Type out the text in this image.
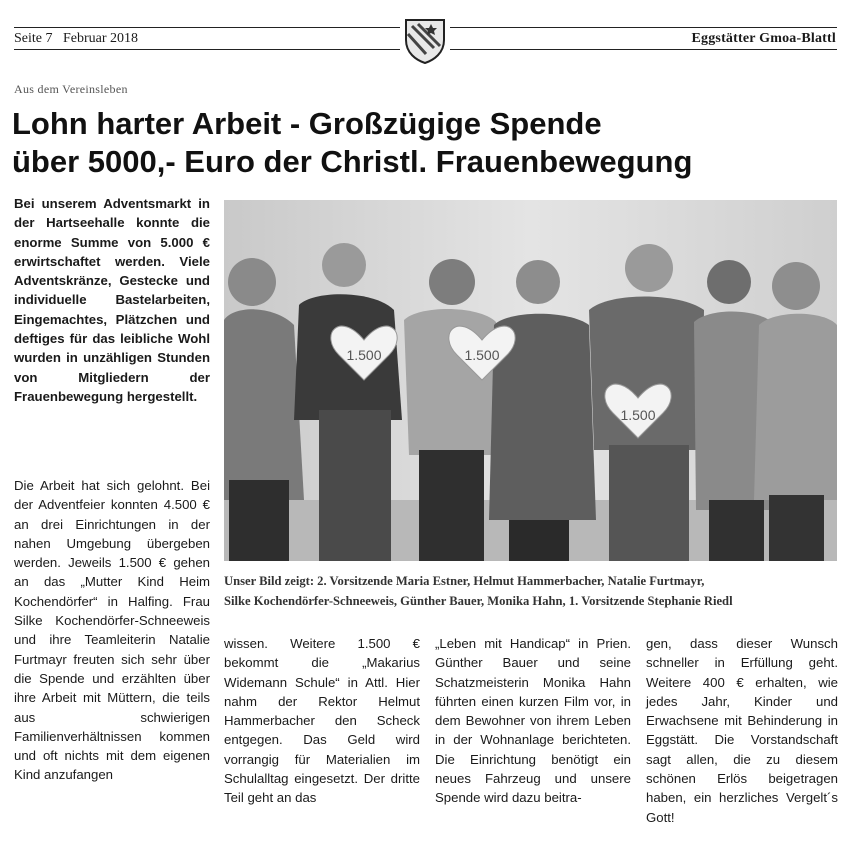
Seite 7 Februar 2018	Eggstätter Gmoa-Blattl
Aus dem Vereinsleben
Lohn harter Arbeit - Großzügige Spende
über 5000,- Euro der Christl. Frauenbewegung

Bei unserem Adventsmarkt in der Hartseehalle konnte die enorme Summe von 5.000 € erwirtschaftet werden. Viele Adventskränze, Gestecke und individuelle Bastelarbeiten, Eingemachtes, Plätzchen und deftiges für das leibliche Wohl wurden in unzähligen Stunden von Mitgliedern der Frauenbewegung hergestellt.

Die Arbeit hat sich gelohnt. Bei der Adventfeier konnten 4.500 € an drei Einrichtungen in der nahen Umgebung übergeben werden. Jeweils 1.500 € gehen an das „Mutter Kind Heim Kochendörfer“ in Halfing. Frau Silke Kochendörfer-Schneeweis und ihre Teamleiterin Natalie Furtmayr freuten sich sehr über die Spende und erzählten über ihre Arbeit mit Müttern, die teils aus schwierigen Familienverhältnissen kommen und oft nichts mit dem eigenen Kind anzufangen

1.500	1.500
1.500
Unser Bild zeigt: 2. Vorsitzende Maria Estner, Helmut Hammerbacher, Natalie Furtmayr,
Silke Kochendörfer-Schneeweis, Günther Bauer, Monika Hahn, 1. Vorsitzende Stephanie Riedl

wissen. Weitere 1.500 € bekommt die „Makarius Widemann Schule“ in Attl. Hier nahm der Rektor Helmut Hammerbacher den Scheck entgegen. Das Geld wird vorrangig für Materialien im Schulalltag eingesetzt. Der dritte Teil geht an das

„Leben mit Handicap“ in Prien. Günther Bauer und seine Schatzmeisterin Monika Hahn führten einen kurzen Film vor, in dem Bewohner von ihrem Leben in der Wohnanlage berichteten. Die Einrichtung benötigt ein neues Fahrzeug und unsere Spende wird dazu beitra-

gen, dass dieser Wunsch schneller in Erfüllung geht. Weitere 400 € erhalten, wie jedes Jahr, Kinder und Erwachsene mit Behinderung in Eggstätt. Die Vorstandschaft sagt allen, die zu diesem schönen Erlös beigetragen haben, ein herzliches Vergelt´s Gott!
